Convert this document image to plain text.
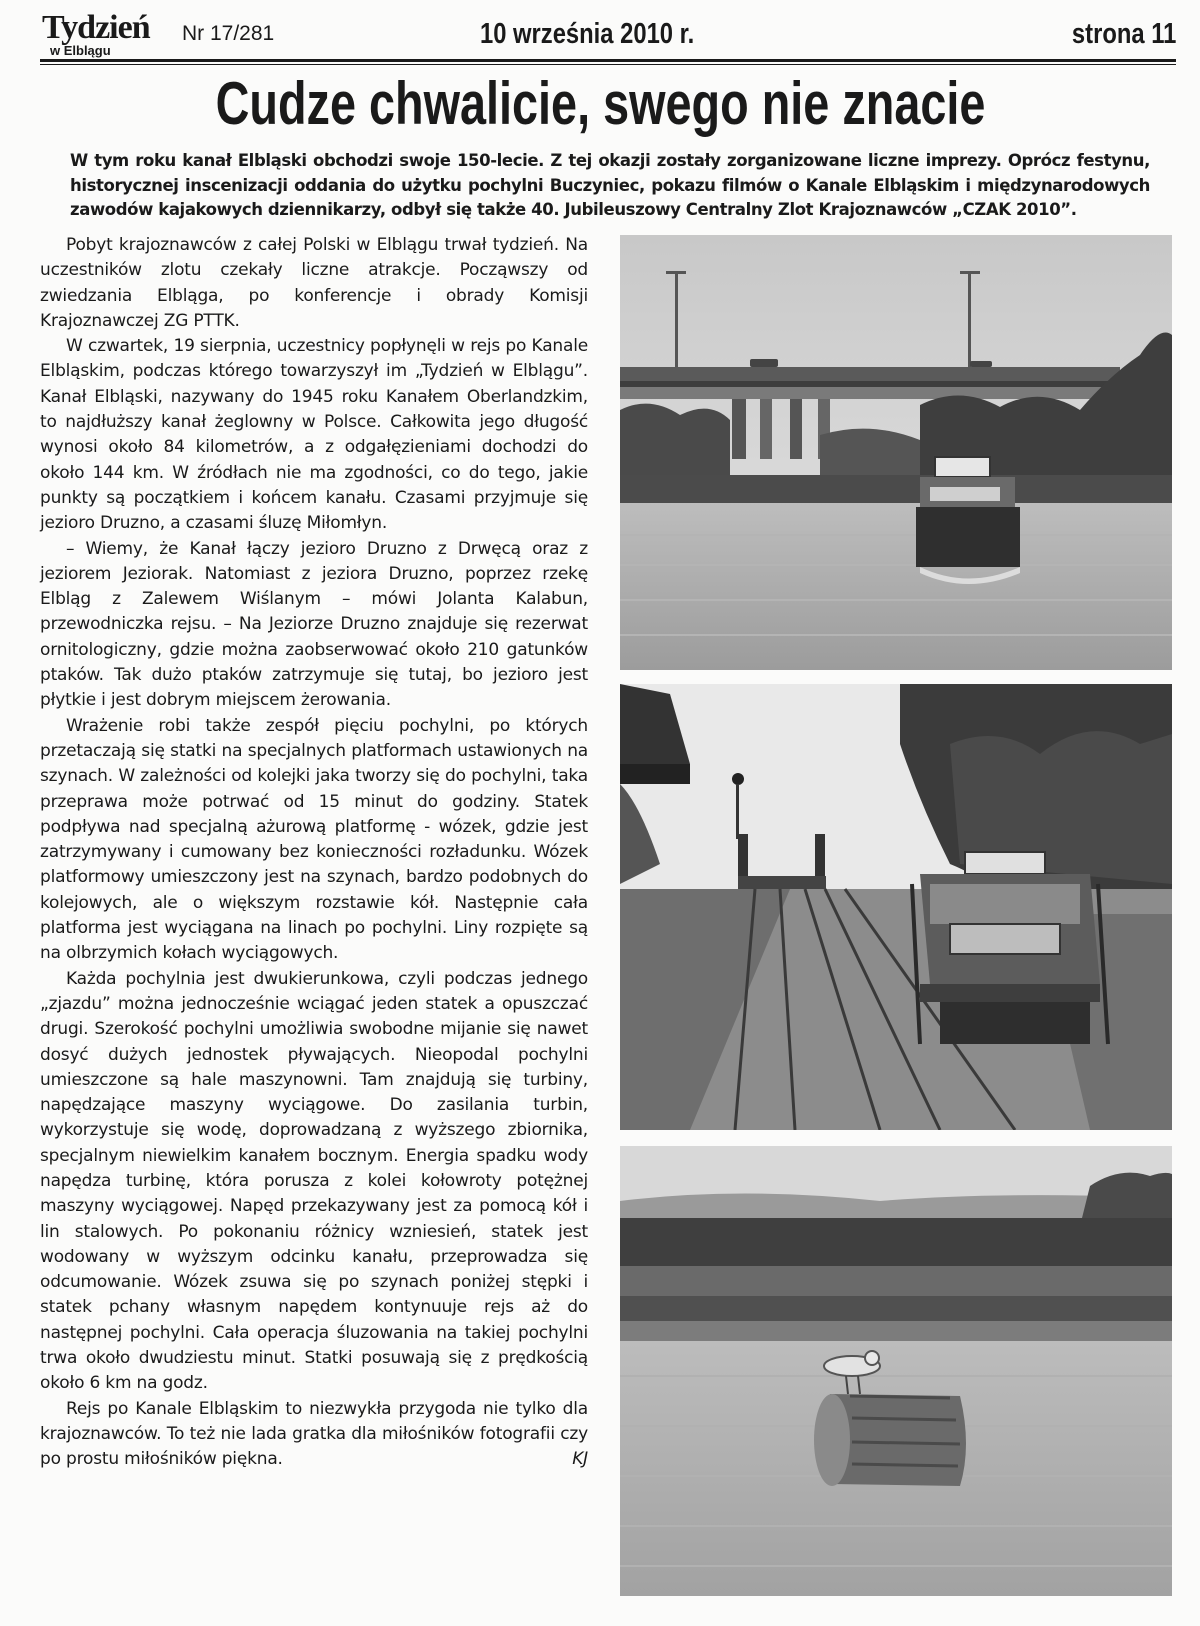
Tydzień
w Elblągu
Nr 17/281	10 września 2010 r.	strona 11
Cudze chwalicie, swego nie znacie
W tym roku kanał Elbląski obchodzi swoje 150-lecie. Z tej okazji zostały zorganizowane liczne imprezy. Oprócz festynu, historycznej inscenizacji oddania do użytku pochylni Buczyniec, pokazu filmów o Kanale Elbląskim i międzynarodowych zawodów kajakowych dziennikarzy, odbył się także 40. Jubileuszowy Centralny Zlot Krajoznawców „CZAK 2010”.

Pobyt krajoznawców z całej Polski w Elblągu trwał tydzień. Na uczestników zlotu czekały liczne atrakcje. Począwszy od zwiedzania Elbląga, po konferencje i obrady Komisji Krajoznawczej ZG PTTK.

W czwartek, 19 sierpnia, uczestnicy popłynęli w rejs po Kanale Elbląskim, podczas którego towarzyszył im „Tydzień w Elblągu”. Kanał Elbląski, nazywany do 1945 roku Kanałem Oberlandzkim, to najdłuższy kanał żeglowny w Polsce. Całkowita jego długość wynosi około 84 kilometrów, a z odgałęzieniami dochodzi do około 144 km. W źródłach nie ma zgodności, co do tego, jakie punkty są początkiem i końcem kanału. Czasami przyjmuje się jezioro Druzno, a czasami śluzę Miłomłyn.

– Wiemy, że Kanał łączy jezioro Druzno z Drwęcą oraz z jeziorem Jeziorak. Natomiast z jeziora Druzno, poprzez rzekę Elbląg z Zalewem Wiślanym – mówi Jolanta Kalabun, przewodniczka rejsu. – Na Jeziorze Druzno znajduje się rezerwat ornitologiczny, gdzie można zaobserwować około 210 gatunków ptaków. Tak dużo ptaków zatrzymuje się tutaj, bo jezioro jest płytkie i jest dobrym miejscem żerowania.

Wrażenie robi także zespół pięciu pochylni, po których przetaczają się statki na specjalnych platformach ustawionych na szynach. W zależności od kolejki jaka tworzy się do pochylni, taka przeprawa może potrwać od 15 minut do godziny. Statek podpływa nad specjalną ażurową platformę - wózek, gdzie jest zatrzymywany i cumowany bez konieczności rozładunku. Wózek platformowy umieszczony jest na szynach, bardzo podobnych do kolejowych, ale o większym rozstawie kół. Następnie cała platforma jest wyciągana na linach po pochylni. Liny rozpięte są na olbrzymich kołach wyciągowych.

Każda pochylnia jest dwukierunkowa, czyli podczas jednego „zjazdu” można jednocześnie wciągać jeden statek a opuszczać drugi. Szerokość pochylni umożliwia swobodne mijanie się nawet dosyć dużych jednostek pływających. Nieopodal pochylni umieszczone są hale maszynowni. Tam znajdują się turbiny, napędzające maszyny wyciągowe. Do zasilania turbin, wykorzystuje się wodę, doprowadzaną z wyższego zbiornika, specjalnym niewielkim kanałem bocznym. Energia spadku wody napędza turbinę, która porusza z kolei kołowroty potężnej maszyny wyciągowej. Napęd przekazywany jest za pomocą kół i lin stalowych. Po pokonaniu różnicy wzniesień, statek jest wodowany w wyższym odcinku kanału, przeprowadza się odcumowanie. Wózek zsuwa się po szynach poniżej stępki i statek pchany własnym napędem kontynuuje rejs aż do następnej pochylni. Cała operacja śluzowania na takiej pochylni trwa około dwudziestu minut. Statki posuwają się z prędkością około 6 km na godz.

Rejs po Kanale Elbląskim to niezwykła przygoda nie tylko dla krajoznawców. To też nie lada gratka dla miłośników fotografii czy po prostu miłośników piękna.	KJ
